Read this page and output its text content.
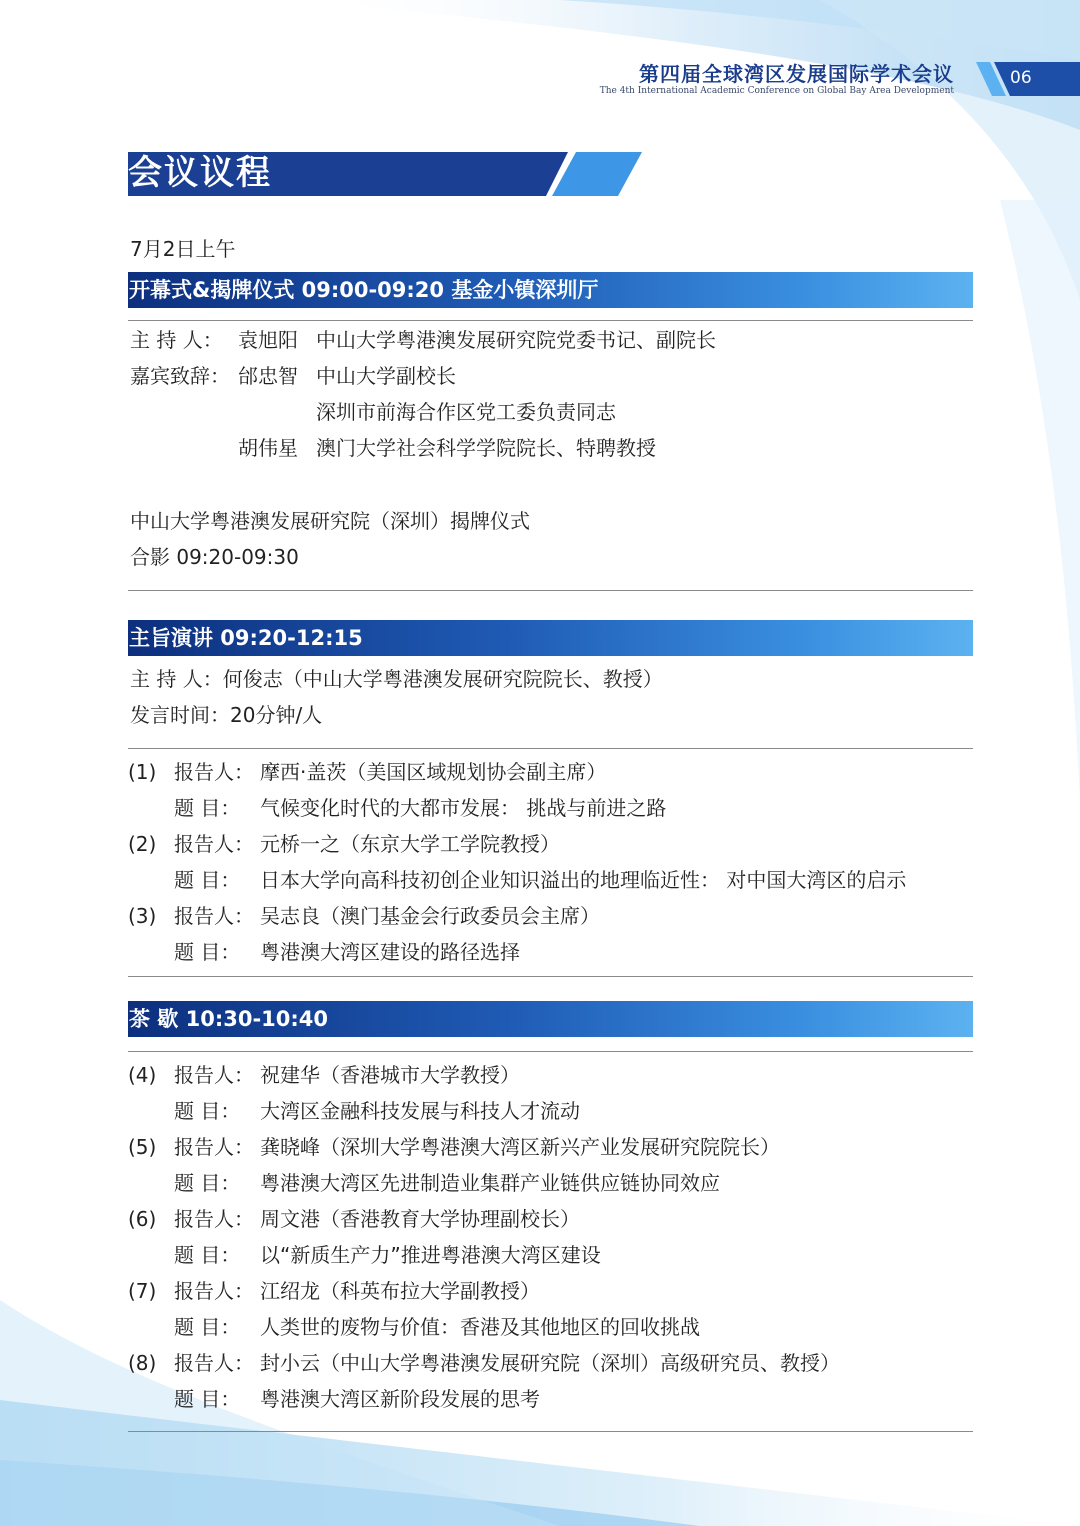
第四届全球湾区发展国际学术会议
The 4th International Academic Conference on Global Bay Area Development
06
会议议程
7月2日上午
开幕式&揭牌仪式 09:00-09:20 基金小镇深圳厅
主 持 人： 袁旭阳 中山大学粤港澳发展研究院党委书记、副院长
嘉宾致辞： 邰忠智 中山大学副校长
深圳市前海合作区党工委负责同志
胡伟星 澳门大学社会科学学院院长、特聘教授
中山大学粤港澳发展研究院（深圳）揭牌仪式
合影 09:20-09:30
主旨演讲 09:20-12:15
主 持 人：何俊志（中山大学粤港澳发展研究院院长、教授）
发言时间：20分钟/人
(1) 报告人： 摩西·盖茨（美国区域规划协会副主席）
题 目： 气候变化时代的大都市发展： 挑战与前进之路
(2) 报告人： 元桥一之（东京大学工学院教授）
题 目： 日本大学向高科技初创企业知识溢出的地理临近性： 对中国大湾区的启示
(3) 报告人： 吴志良（澳门基金会行政委员会主席）
题 目： 粤港澳大湾区建设的路径选择
茶 歇 10:30-10:40
(4) 报告人： 祝建华（香港城市大学教授）
题 目： 大湾区金融科技发展与科技人才流动
(5) 报告人： 龚晓峰（深圳大学粤港澳大湾区新兴产业发展研究院院长）
题 目： 粤港澳大湾区先进制造业集群产业链供应链协同效应
(6) 报告人： 周文港（香港教育大学协理副校长）
题 目： 以“新质生产力”推进粤港澳大湾区建设
(7) 报告人： 江绍龙（科英布拉大学副教授）
题 目： 人类世的废物与价值：香港及其他地区的回收挑战
(8) 报告人： 封小云（中山大学粤港澳发展研究院（深圳）高级研究员、教授）
题 目： 粤港澳大湾区新阶段发展的思考
